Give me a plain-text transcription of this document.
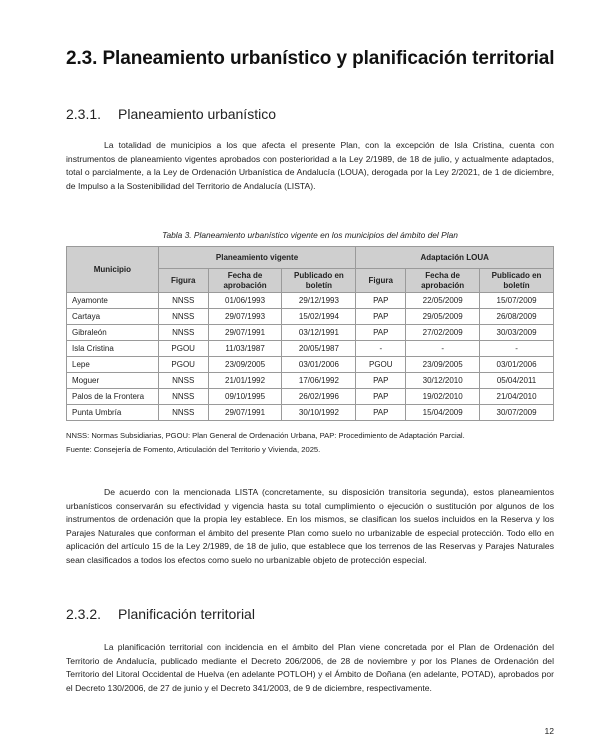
2.3. Planeamiento urbanístico y planificación territorial
2.3.1. Planeamiento urbanístico

La totalidad de municipios a los que afecta el presente Plan, con la excepción de Isla Cristina, cuenta con instrumentos de planeamiento vigentes aprobados con posterioridad a la Ley 2/1989, de 18 de julio, y actualmente adaptados, total o parcialmente, a la Ley de Ordenación Urbanística de Andalucía (LOUA), derogada por la Ley 2/2021, de 1 de diciembre, de Impulso a la Sostenibilidad del Territorio de Andalucía (LISTA).

Tabla 3. Planeamiento urbanístico vigente en los municipios del ámbito del Plan

Municipio	Planeamiento vigente			Adaptación LOUA		
	Figura	Fecha de aprobación	Publicado en boletín	Figura	Fecha de aprobación	Publicado en boletín
Ayamonte	NNSS	01/06/1993	29/12/1993	PAP	22/05/2009	15/07/2009
Cartaya	NNSS	29/07/1993	15/02/1994	PAP	29/05/2009	26/08/2009
Gibraleón	NNSS	29/07/1991	03/12/1991	PAP	27/02/2009	30/03/2009
Isla Cristina	PGOU	11/03/1987	20/05/1987	-	-	-
Lepe	PGOU	23/09/2005	03/01/2006	PGOU	23/09/2005	03/01/2006
Moguer	NNSS	21/01/1992	17/06/1992	PAP	30/12/2010	05/04/2011
Palos de la Frontera	NNSS	09/10/1995	26/02/1996	PAP	19/02/2010	21/04/2010
Punta Umbría	NNSS	29/07/1991	30/10/1992	PAP	15/04/2009	30/07/2009

NNSS: Normas Subsidiarias, PGOU: Plan General de Ordenación Urbana, PAP: Procedimiento de Adaptación Parcial.

Fuente: Consejería de Fomento, Articulación del Territorio y Vivienda, 2025.

De acuerdo con la mencionada LISTA (concretamente, su disposición transitoria segunda), estos planeamientos urbanísticos conservarán su efectividad y vigencia hasta su total cumplimiento o ejecución o sustitución por algunos de los instrumentos de ordenación que la propia ley establece. En los mismos, se clasifican los suelos incluidos en la Reserva y los Parajes Naturales que conforman el ámbito del presente Plan como suelo no urbanizable de especial protección. Todo ello en aplicación del artículo 15 de la Ley 2/1989, de 18 de julio, que establece que los terrenos de las Reservas y Parajes Naturales sean clasificados a todos los efectos como suelo no urbanizable objeto de protección especial.

2.3.2. Planificación territorial

La planificación territorial con incidencia en el ámbito del Plan viene concretada por el Plan de Ordenación del Territorio de Andalucía, publicado mediante el Decreto 206/2006, de 28 de noviembre y por los Planes de Ordenación del Territorio del Litoral Occidental de Huelva (en adelante POTLOH) y el Ámbito de Doñana (en adelante, POTAD), aprobados por el Decreto 130/2006, de 27 de junio y el Decreto 341/2003, de 9 de diciembre, respectivamente.

12
